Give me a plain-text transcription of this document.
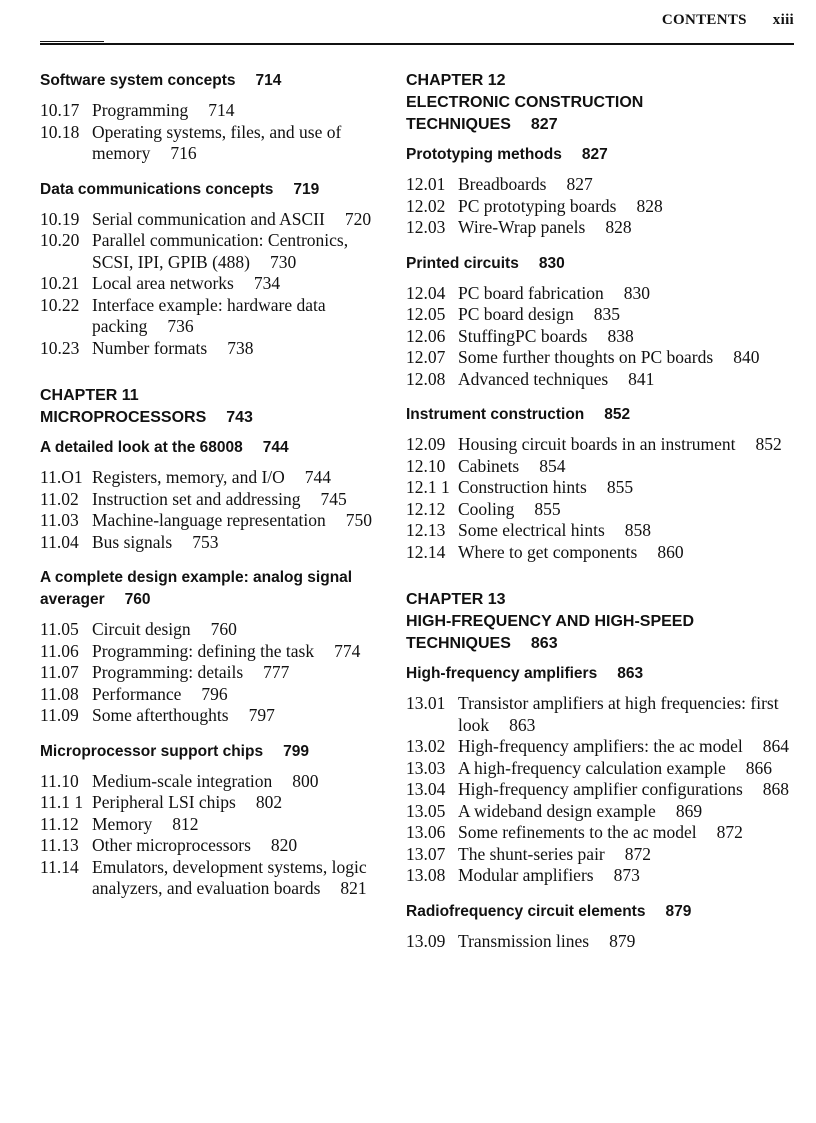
CONTENTS xiii
Software system concepts 714
10.17 Programming 714
10.18 Operating systems, files, and use of memory 716
Data communications concepts 719
10.19 Serial communication and ASCII 720
10.20 Parallel communication: Centronics, SCSI, IPI, GPIB (488) 730
10.21 Local area networks 734
10.22 Interface example: hardware data packing 736
10.23 Number formats 738
CHAPTER 11
MICROPROCESSORS 743
A detailed look at the 68008 744
11.O1 Registers, memory, and I/O 744
11.02 Instruction set and addressing 745
11.03 Machine-language representation 750
11.04 Bus signals 753
A complete design example: analog signal averager 760
11.05 Circuit design 760
11.06 Programming: defining the task 774
11.07 Programming: details 777
11.08 Performance 796
11.09 Some afterthoughts 797
Microprocessor support chips 799
11.10 Medium-scale integration 800
11.1 1 Peripheral LSI chips 802
11.12 Memory 812
11.13 Other microprocessors 820
11.14 Emulators, development systems, logic analyzers, and evaluation boards 821
CHAPTER 12
ELECTRONIC CONSTRUCTION
TECHNIQUES 827
Prototyping methods 827
12.01 Breadboards 827
12.02 PC prototyping boards 828
12.03 Wire-Wrap panels 828
Printed circuits 830
12.04 PC board fabrication 830
12.05 PC board design 835
12.06 StuffingPC boards 838
12.07 Some further thoughts on PC boards 840
12.08 Advanced techniques 841
Instrument construction 852
12.09 Housing circuit boards in an instrument 852
12.10 Cabinets 854
12.1 1 Construction hints 855
12.12 Cooling 855
12.13 Some electrical hints 858
12.14 Where to get components 860
CHAPTER 13
HIGH-FREQUENCY AND HIGH-SPEED
TECHNIQUES 863
High-frequency amplifiers 863
13.01 Transistor amplifiers at high frequencies: first look 863
13.02 High-frequency amplifiers: the ac model 864
13.03 A high-frequency calculation example 866
13.04 High-frequency amplifier configurations 868
13.05 A wideband design example 869
13.06 Some refinements to the ac model 872
13.07 The shunt-series pair 872
13.08 Modular amplifiers 873
Radiofrequency circuit elements 879
13.09 Transmission lines 879
